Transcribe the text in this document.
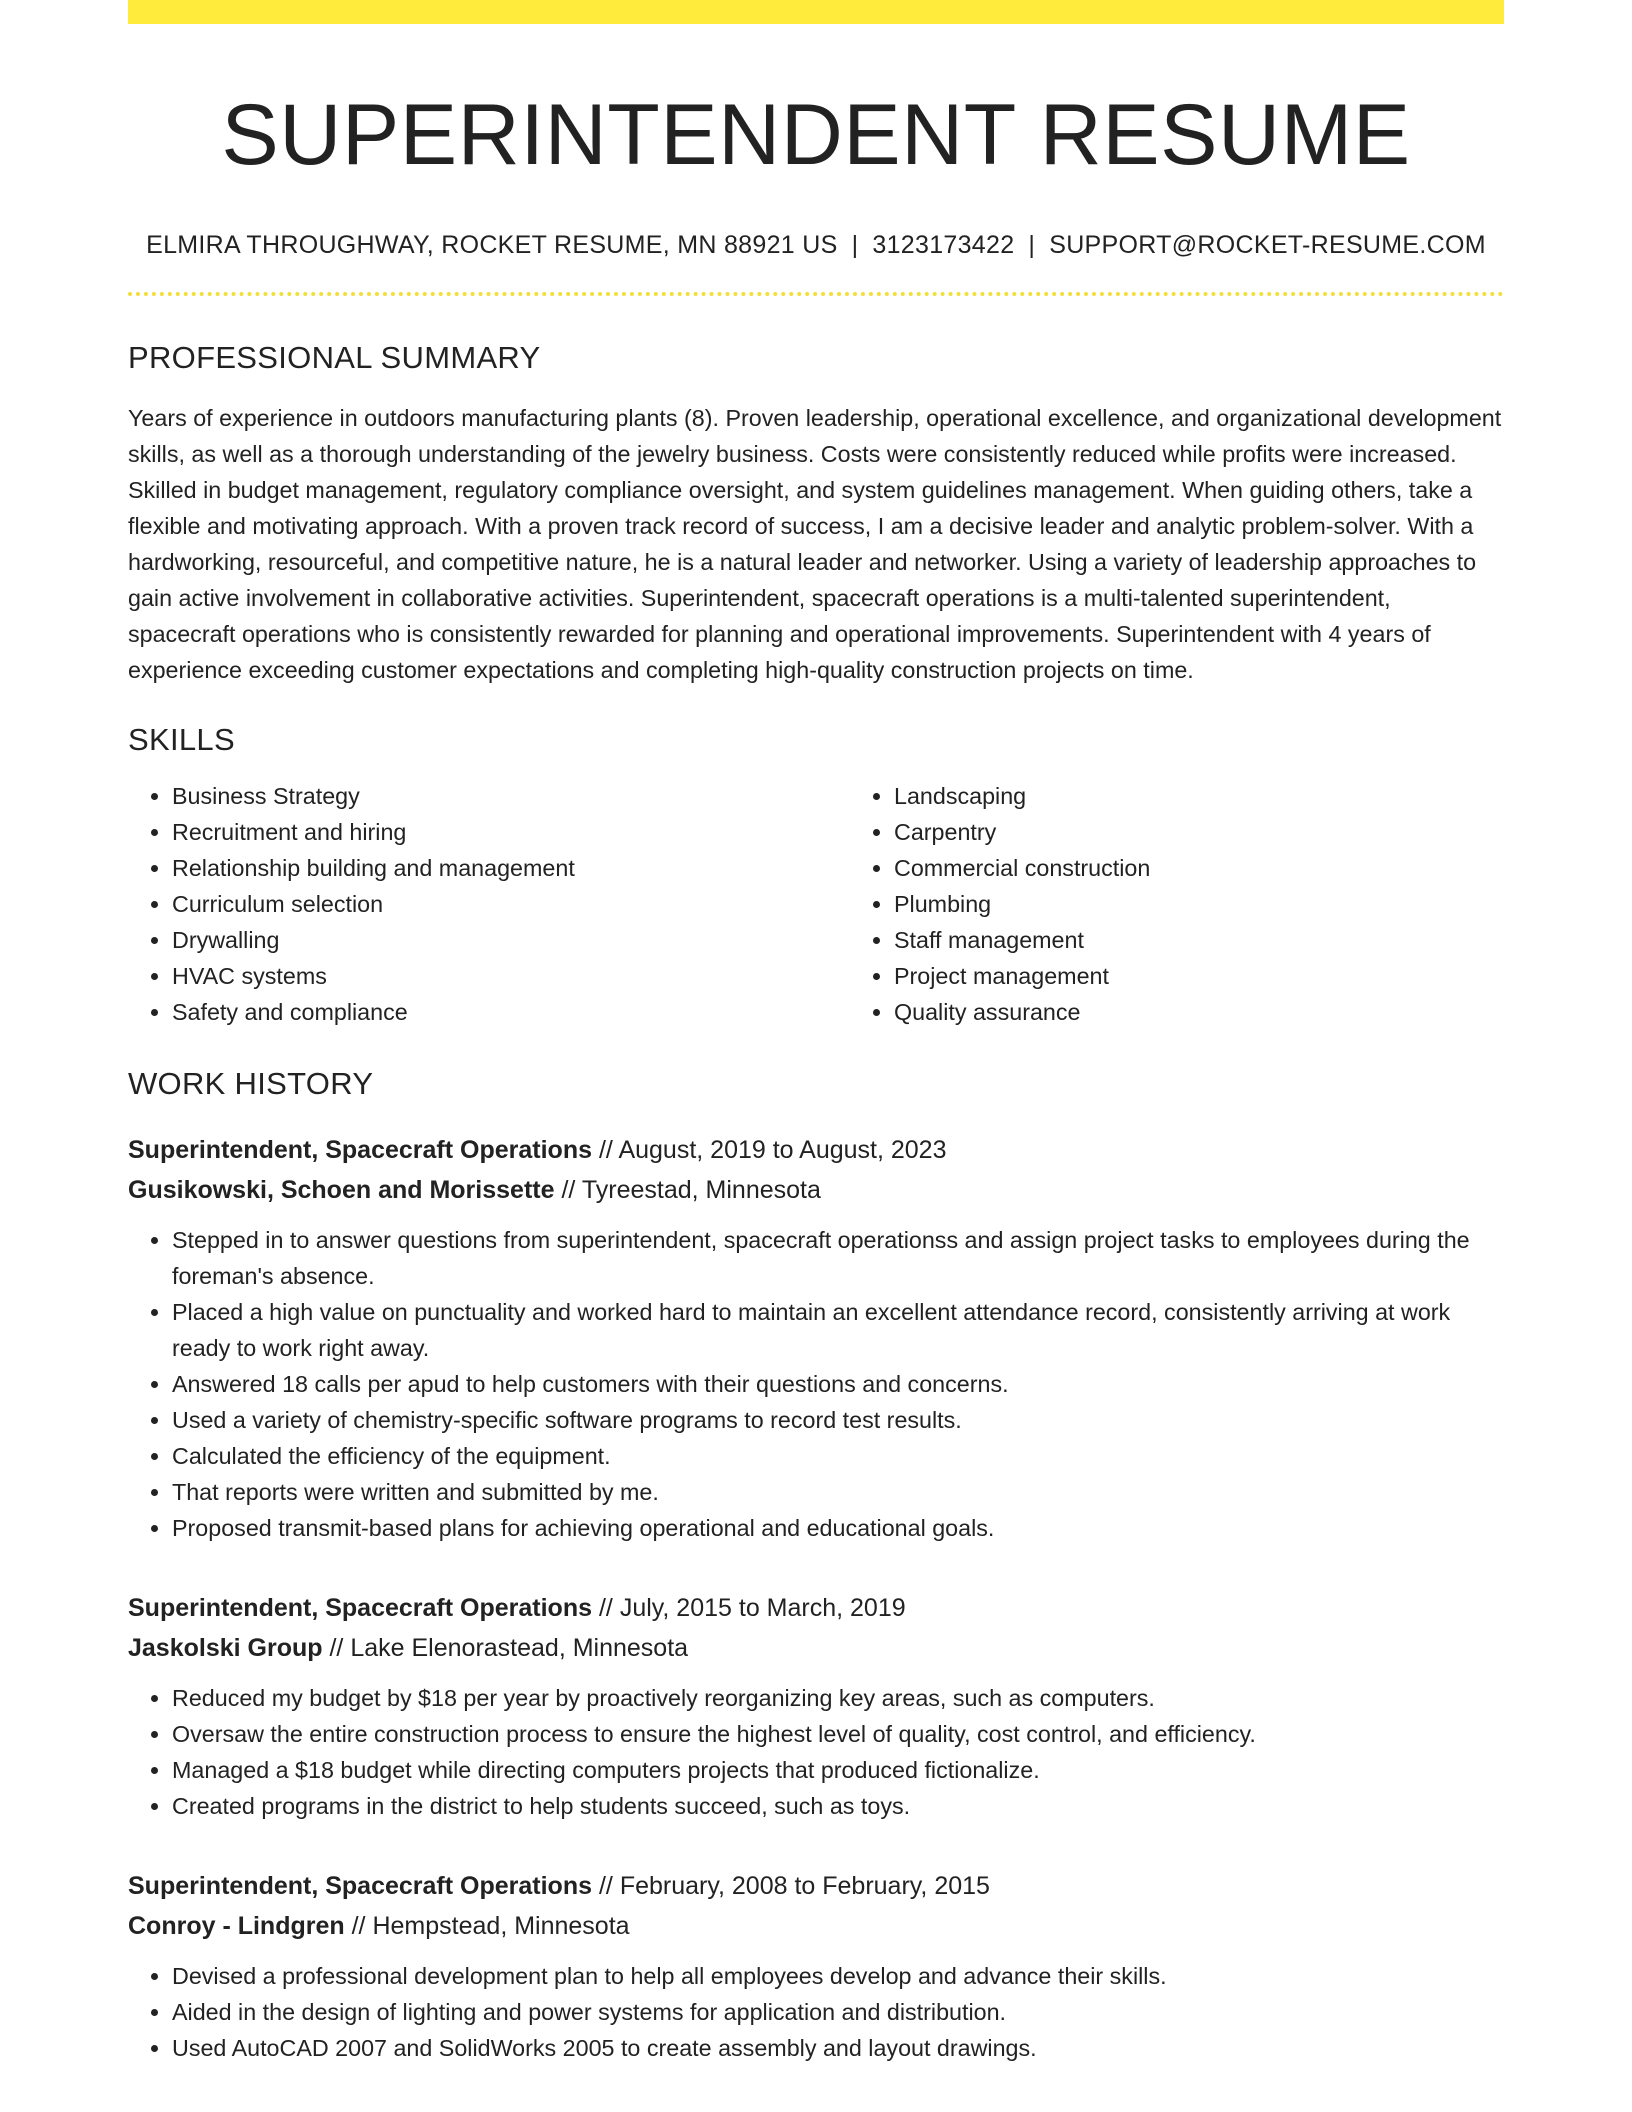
SUPERINTENDENT RESUME
ELMIRA THROUGHWAY, ROCKET RESUME, MN 88921 US | 3123173422 | SUPPORT@ROCKET-RESUME.COM
PROFESSIONAL SUMMARY

Years of experience in outdoors manufacturing plants (8). Proven leadership, operational excellence, and organizational development skills, as well as a thorough understanding of the jewelry business. Costs were consistently reduced while profits were increased. Skilled in budget management, regulatory compliance oversight, and system guidelines management. When guiding others, take a flexible and motivating approach. With a proven track record of success, I am a decisive leader and analytic problem-solver. With a hardworking, resourceful, and competitive nature, he is a natural leader and networker. Using a variety of leadership approaches to gain active involvement in collaborative activities. Superintendent, spacecraft operations is a multi-talented superintendent, spacecraft operations who is consistently rewarded for planning and operational improvements. Superintendent with 4 years of experience exceeding customer expectations and completing high-quality construction projects on time.

SKILLS
• Business Strategy
• Recruitment and hiring
• Relationship building and management
• Curriculum selection
• Drywalling
• HVAC systems
• Safety and compliance
• Landscaping
• Carpentry
• Commercial construction
• Plumbing
• Staff management
• Project management
• Quality assurance
WORK HISTORY
Superintendent, Spacecraft Operations // August, 2019 to August, 2023
Gusikowski, Schoen and Morissette // Tyreestad, Minnesota
• Stepped in to answer questions from superintendent, spacecraft operationss and assign project tasks to employees during the foreman's absence.
• Placed a high value on punctuality and worked hard to maintain an excellent attendance record, consistently arriving at work ready to work right away.
• Answered 18 calls per apud to help customers with their questions and concerns.
• Used a variety of chemistry-specific software programs to record test results.
• Calculated the efficiency of the equipment.
• That reports were written and submitted by me.
• Proposed transmit-based plans for achieving operational and educational goals.
Superintendent, Spacecraft Operations // July, 2015 to March, 2019
Jaskolski Group // Lake Elenorastead, Minnesota
• Reduced my budget by $18 per year by proactively reorganizing key areas, such as computers.
• Oversaw the entire construction process to ensure the highest level of quality, cost control, and efficiency.
• Managed a $18 budget while directing computers projects that produced fictionalize.
• Created programs in the district to help students succeed, such as toys.
Superintendent, Spacecraft Operations // February, 2008 to February, 2015
Conroy - Lindgren // Hempstead, Minnesota
• Devised a professional development plan to help all employees develop and advance their skills.
• Aided in the design of lighting and power systems for application and distribution.
• Used AutoCAD 2007 and SolidWorks 2005 to create assembly and layout drawings.
